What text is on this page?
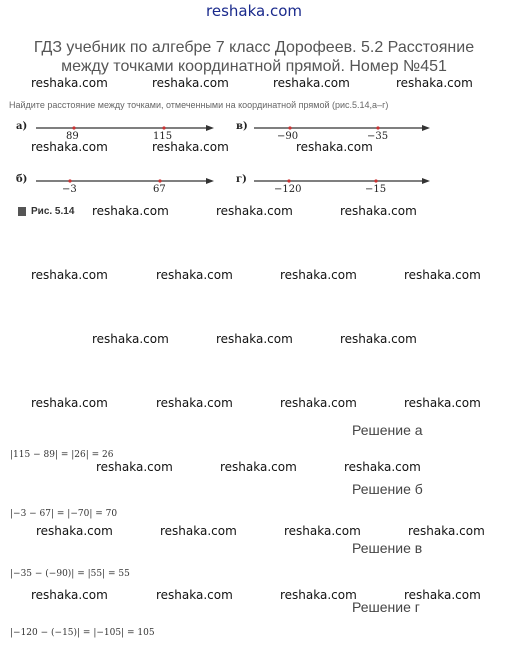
reshaka.com
ГДЗ учебник по алгебре 7 класс Дорофеев. 5.2 Расстояние между точками координатной прямой. Номер №451
Найдите расстояние между точками, отмеченными на координатной прямой (рис.5.14,а–г)
а)
89	115
в)
−90	−35
б)
−3	67
г)
−120	−15
Рис. 5.14
reshaka.com	reshaka.com	reshaka.com	reshaka.com
reshaka.com	reshaka.com	reshaka.com
reshaka.com	reshaka.com	reshaka.com
reshaka.com	reshaka.com	reshaka.com	reshaka.com
reshaka.com	reshaka.com	reshaka.com
reshaka.com	reshaka.com	reshaka.com	reshaka.com
reshaka.com	reshaka.com	reshaka.com
reshaka.com	reshaka.com	reshaka.com	reshaka.com
reshaka.com	reshaka.com	reshaka.com	reshaka.com
Решение а
|115 − 89| = |26| = 26
Решение б
|−3 − 67| = |−70| = 70
Решение в
|−35 − (−90)| = |55| = 55
Решение г
|−120 − (−15)| = |−105| = 105
